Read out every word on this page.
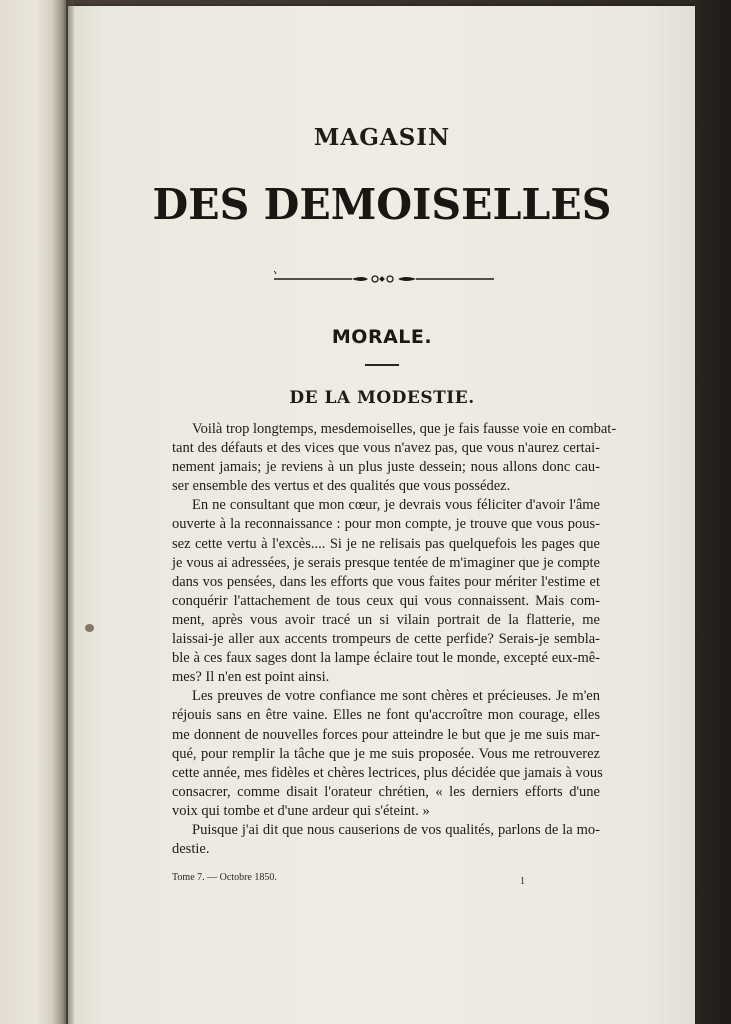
MAGASIN
DES DEMOISELLES
MORALE.
DE LA MODESTIE.

Voilà trop longtemps, mesdemoiselles, que je fais fausse voie en combat-
tant des défauts et des vices que vous n'avez pas, que vous n'aurez certai-
nement jamais; je reviens à un plus juste dessein; nous allons donc cau-
ser ensemble des vertus et des qualités que vous possédez.

En ne consultant que mon cœur, je devrais vous féliciter d'avoir l'âme
ouverte à la reconnaissance : pour mon compte, je trouve que vous pous-
sez cette vertu à l'excès.... Si je ne relisais pas quelquefois les pages que
je vous ai adressées, je serais presque tentée de m'imaginer que je compte
dans vos pensées, dans les efforts que vous faites pour mériter l'estime et
conquérir l'attachement de tous ceux qui vous connaissent. Mais com-
ment, après vous avoir tracé un si vilain portrait de la flatterie, me
laissai-je aller aux accents trompeurs de cette perfide? Serais-je sembla-
ble à ces faux sages dont la lampe éclaire tout le monde, excepté eux-mê-
mes? Il n'en est point ainsi.

Les preuves de votre confiance me sont chères et précieuses. Je m'en
réjouis sans en être vaine. Elles ne font qu'accroître mon courage, elles
me donnent de nouvelles forces pour atteindre le but que je me suis mar-
qué, pour remplir la tâche que je me suis proposée. Vous me retrouverez
cette année, mes fidèles et chères lectrices, plus décidée que jamais à vous
consacrer, comme disait l'orateur chrétien, « les derniers efforts d'une
voix qui tombe et d'une ardeur qui s'éteint. »

Puisque j'ai dit que nous causerions de vos qualités, parlons de la mo-
destie.

Tome 7. — Octobre 1850.	1
